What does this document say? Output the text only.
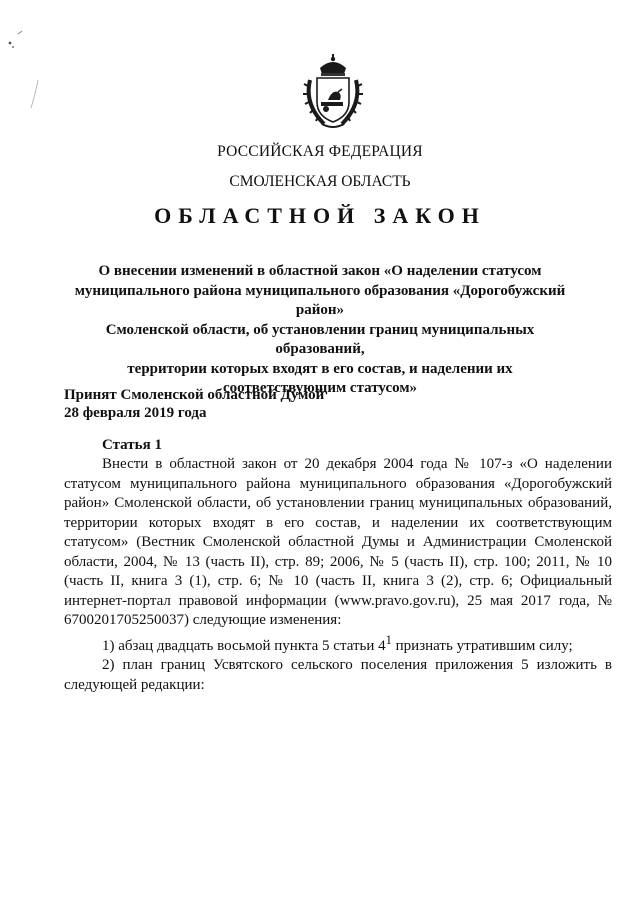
РОССИЙСКАЯ ФЕДЕРАЦИЯ
СМОЛЕНСКАЯ ОБЛАСТЬ
ОБЛАСТНОЙ ЗАКОН
О внесении изменений в областной закон «О наделении статусом
муниципального района муниципального образования «Дорогобужский район»
Смоленской области, об установлении границ муниципальных образований,
территории которых входят в его состав, и наделении их
соответствующим статусом»
Принят Смоленской областной Думой
28 февраля 2019 года
Статья 1

Внести в областной закон от 20 декабря 2004 года № 107-з «О наделении статусом муниципального района муниципального образования «Дорогобужский район» Смоленской области, об установлении границ муниципальных образований, территории которых входят в его состав, и наделении их соответствующим статусом» (Вестник Смоленской областной Думы и Администрации Смоленской области, 2004, № 13 (часть II), стр. 89; 2006, № 5 (часть II), стр. 100; 2011, № 10 (часть II, книга 3 (1), стр. 6; № 10 (часть II, книга 3 (2), стр. 6; Официальный интернет-портал правовой информации (www.pravo.gov.ru), 25 мая 2017 года, № 6700201705250037) следующие изменения:

1) абзац двадцать восьмой пункта 5 статьи $4^1$ признать утратившим силу;

2) план границ Усвятского сельского поселения приложения 5 изложить в следующей редакции:
